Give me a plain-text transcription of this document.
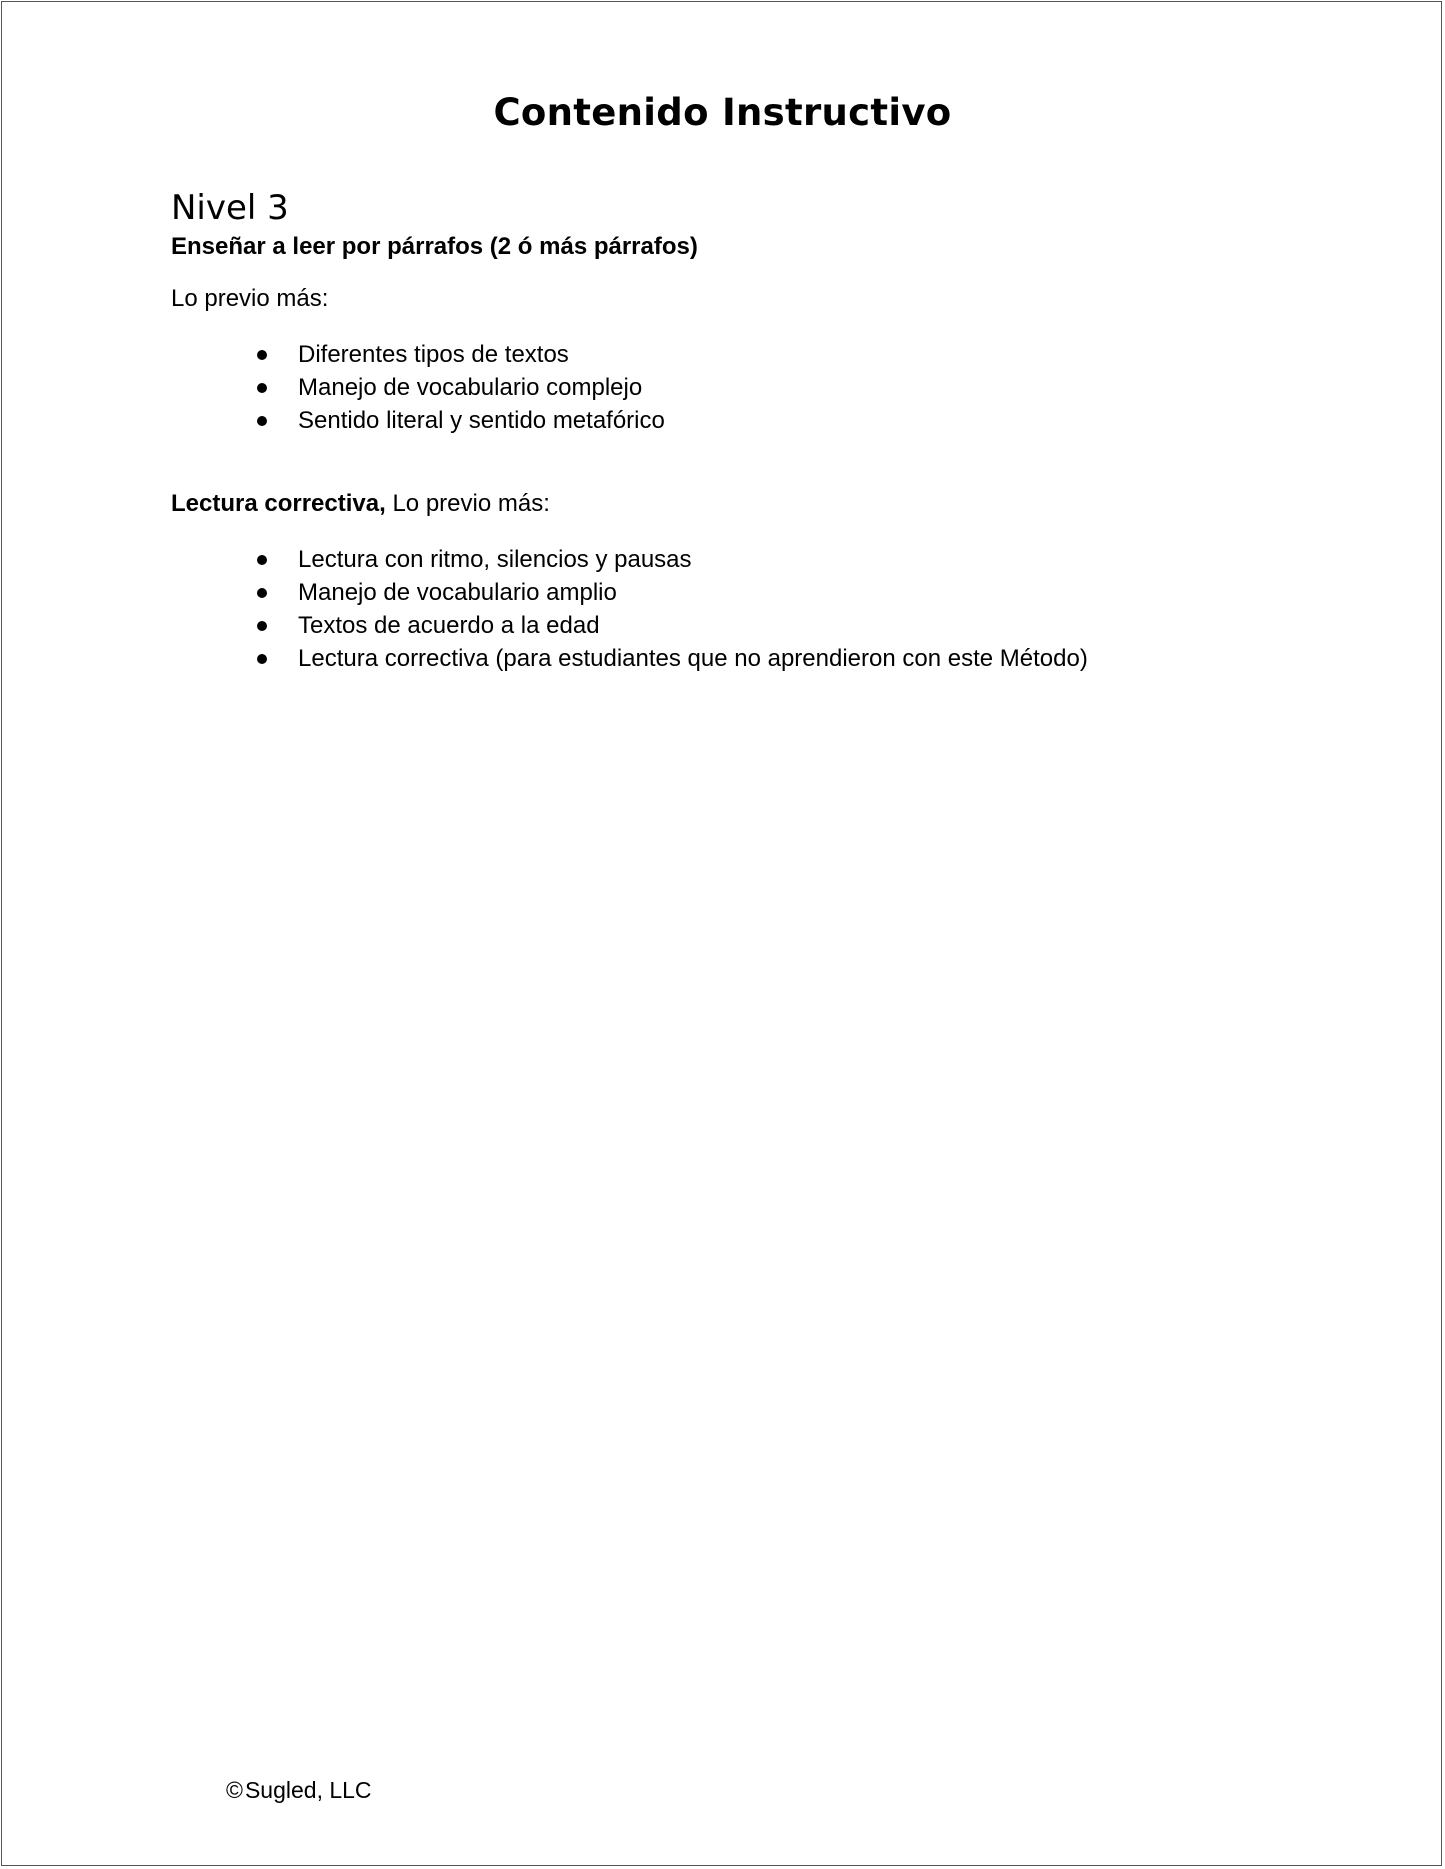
Contenido Instructivo
Nivel 3

Enseñar a leer por párrafos (2 ó más párrafos)

Lo previo más:

Diferentes tipos de textos
Manejo de vocabulario complejo
Sentido literal y sentido metafórico

Lectura correctiva, Lo previo más:

Lectura con ritmo, silencios y pausas
Manejo de vocabulario amplio
Textos de acuerdo a la edad
Lectura correctiva (para estudiantes que no aprendieron con este Método)
©Sugled, LLC
